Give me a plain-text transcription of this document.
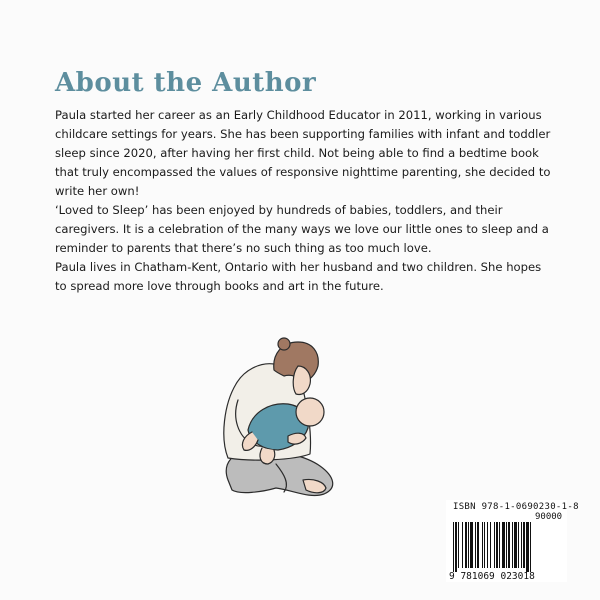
About the Author

Paula started her career as an Early Childhood Educator in 2011, working in various childcare settings for years. She has been supporting families with infant and toddler sleep since 2020, after having her first child. Not being able to find a bedtime book that truly encompassed the values of responsive nighttime parenting, she decided to write her own!

‘Loved to Sleep’ has been enjoyed by hundreds of babies, toddlers, and their caregivers. It is a celebration of the many ways we love our little ones to sleep and a reminder to parents that there’s no such thing as too much love.

Paula lives in Chatham-Kent, Ontario with her husband and two children. She hopes to spread more love through books and art in the future.

ISBN 978-1-0690230-1-8
90000
9 781069 023018
